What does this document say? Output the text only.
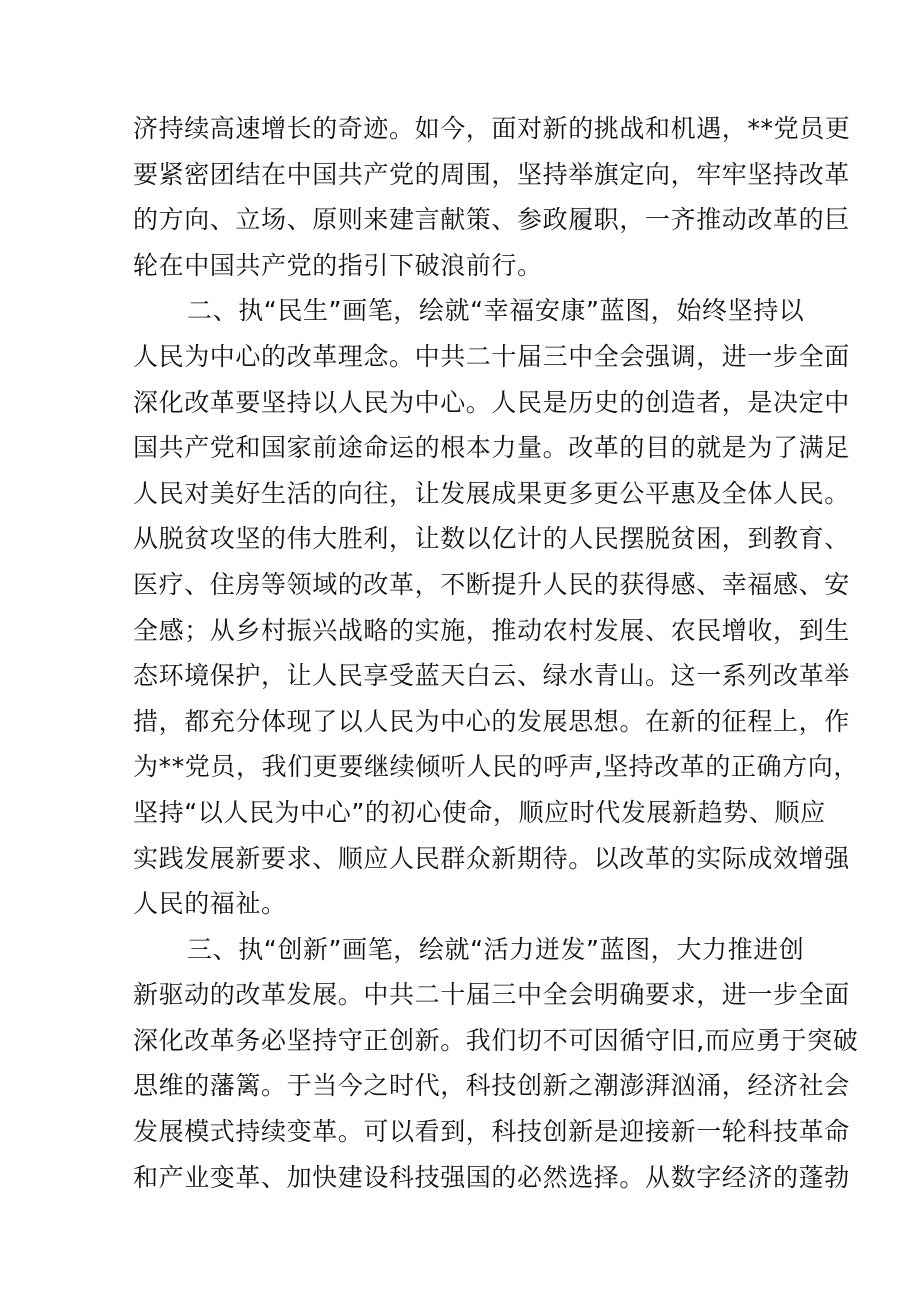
济持续高速增长的奇迹。如今，面对新的挑战和机遇，**党员更
要紧密团结在中国共产党的周围，坚持举旗定向，牢牢坚持改革
的方向、立场、原则来建言献策、参政履职，一齐推动改革的巨
轮在中国共产党的指引下破浪前行。
二、执“民生”画笔，绘就“幸福安康”蓝图，始终坚持以
人民为中心的改革理念。中共二十届三中全会强调，进一步全面
深化改革要坚持以人民为中心。人民是历史的创造者，是决定中
国共产党和国家前途命运的根本力量。改革的目的就是为了满足
人民对美好生活的向往，让发展成果更多更公平惠及全体人民。
从脱贫攻坚的伟大胜利，让数以亿计的人民摆脱贫困，到教育、
医疗、住房等领域的改革，不断提升人民的获得感、幸福感、安
全感；从乡村振兴战略的实施，推动农村发展、农民增收，到生
态环境保护，让人民享受蓝天白云、绿水青山。这一系列改革举
措，都充分体现了以人民为中心的发展思想。在新的征程上，作
为**党员，我们更要继续倾听人民的呼声,坚持改革的正确方向，
坚持“以人民为中心”的初心使命，顺应时代发展新趋势、顺应
实践发展新要求、顺应人民群众新期待。以改革的实际成效增强
人民的福祉。
三、执“创新”画笔，绘就“活力迸发”蓝图，大力推进创
新驱动的改革发展。中共二十届三中全会明确要求，进一步全面
深化改革务必坚持守正创新。我们切不可因循守旧,而应勇于突破
思维的藩篱。于当今之时代，科技创新之潮澎湃汹涌，经济社会
发展模式持续变革。可以看到，科技创新是迎接新一轮科技革命
和产业变革、加快建设科技强国的必然选择。从数字经济的蓬勃
